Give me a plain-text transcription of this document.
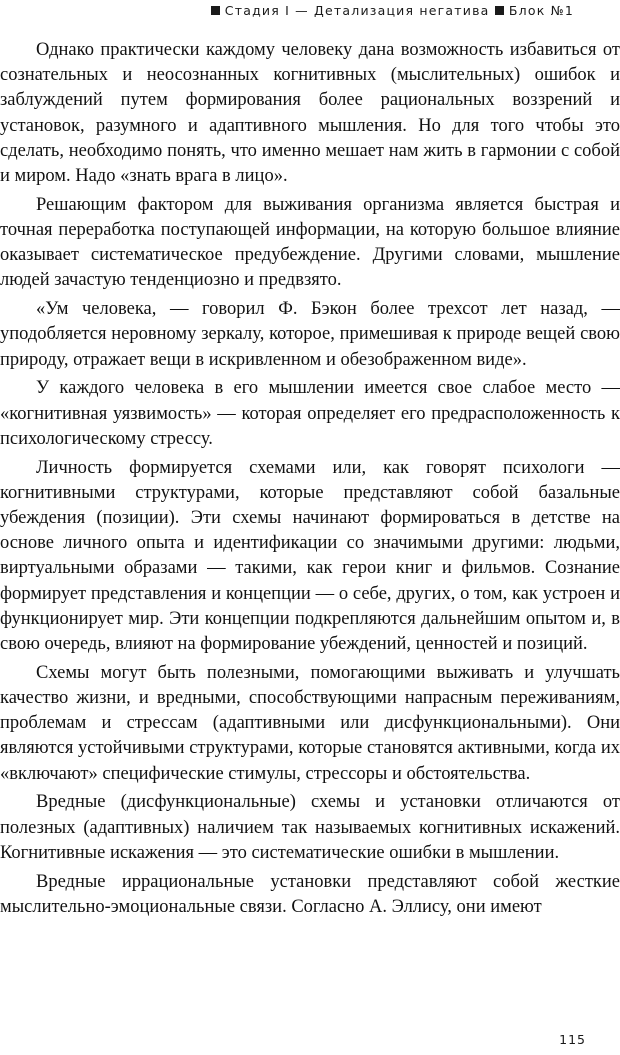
Стадия I — Детализация негатива Блок №1

Однако практически каждому человеку дана возможность избавиться от сознательных и неосознанных когнитивных (мыслительных) ошибок и заблуждений путем формирования более рациональных воззрений и установок, разумного и адаптивного мышления. Но для того чтобы это сделать, необходимо понять, что именно мешает нам жить в гармонии с собой и миром. Надо «знать врага в лицо».

Решающим фактором для выживания организма является быстрая и точная переработка поступающей информации, на которую большое влияние оказывает систематическое предубеждение. Другими словами, мышление людей зачастую тенденциозно и предвзято.

«Ум человека, — говорил Ф. Бэкон более трехсот лет назад, — уподобляется неровному зеркалу, которое, примешивая к природе вещей свою природу, отражает вещи в искривленном и обезображенном виде».

У каждого человека в его мышлении имеется свое слабое место — «когнитивная уязвимость» — которая определяет его предрасположенность к психологическому стрессу.

Личность формируется схемами или, как говорят психологи — когнитивными структурами, которые представляют собой базальные убеждения (позиции). Эти схемы начинают формироваться в детстве на основе личного опыта и идентификации со значимыми другими: людьми, виртуальными образами — такими, как герои книг и фильмов. Сознание формирует представления и концепции — о себе, других, о том, как устроен и функционирует мир. Эти концепции подкрепляются дальнейшим опытом и, в свою очередь, влияют на формирование убеждений, ценностей и позиций.

Схемы могут быть полезными, помогающими выживать и улучшать качество жизни, и вредными, способствующими напрасным переживаниям, проблемам и стрессам (адаптивными или дисфункциональными). Они являются устойчивыми структурами, которые становятся активными, когда их «включают» специфические стимулы, стрессоры и обстоятельства.

Вредные (дисфункциональные) схемы и установки отличаются от полезных (адаптивных) наличием так называемых когнитивных искажений. Когнитивные искажения — это систематические ошибки в мышлении.

Вредные иррациональные установки представляют собой жесткие мыслительно-эмоциональные связи. Согласно А. Эллису, они имеют

115
